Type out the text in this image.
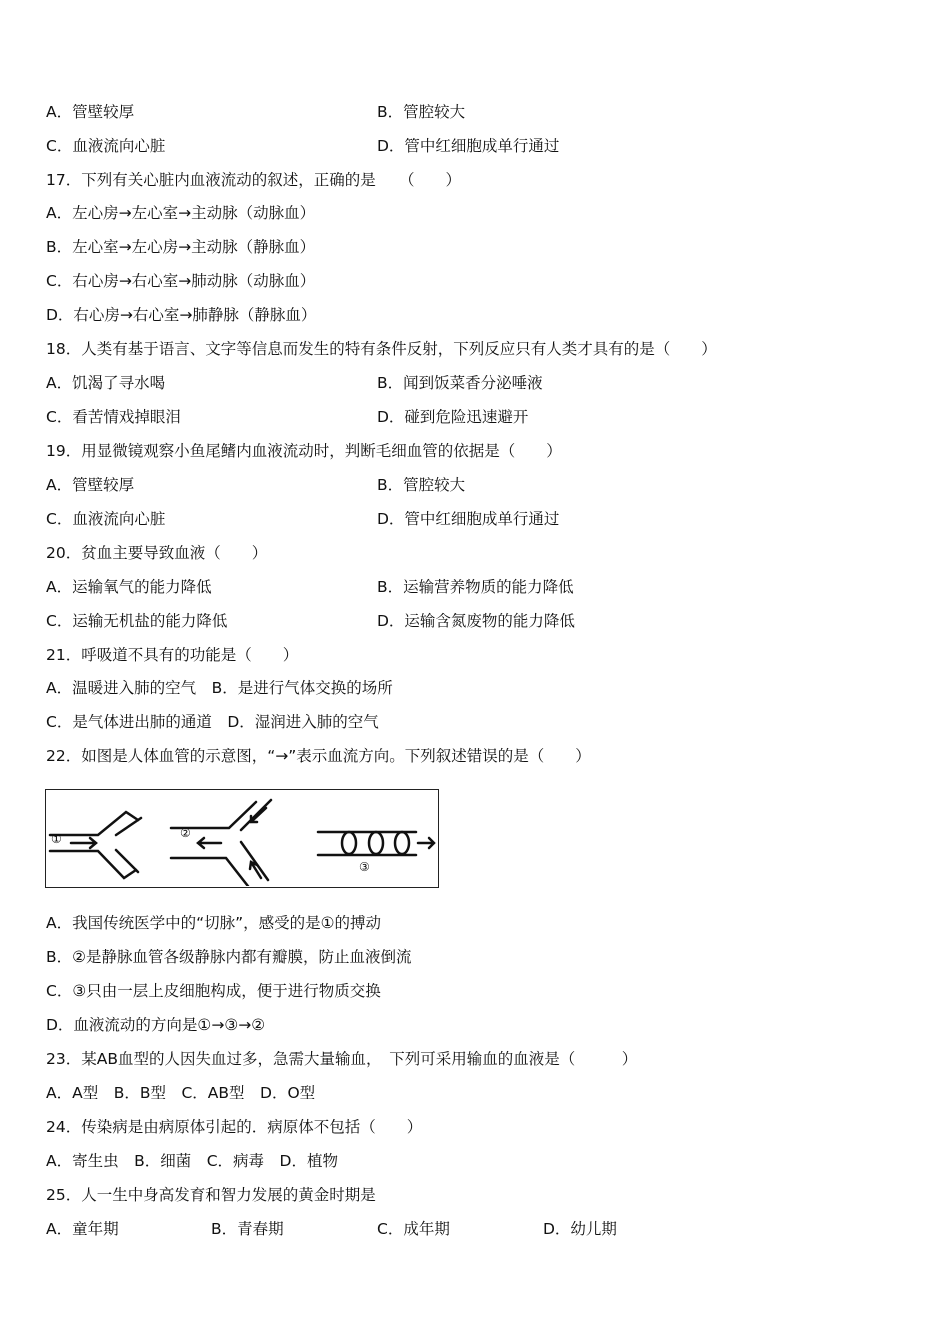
A．管壁较厚	B．管腔较大
C．血液流向心脏	D．管中红细胞成单行通过
17．下列有关心脏内血液流动的叙述，正确的是　　（　　）
A．左心房→左心室→主动脉（动脉血）
B．左心室→左心房→主动脉（静脉血）
C．右心房→右心室→肺动脉（动脉血）
D．右心房→右心室→肺静脉（静脉血）
18．人类有基于语言、文字等信息而发生的特有条件反射，下列反应只有人类才具有的是（　　）
A．饥渴了寻水喝	B．闻到饭菜香分泌唾液
C．看苦情戏掉眼泪	D．碰到危险迅速避开
19．用显微镜观察小鱼尾鳍内血液流动时，判断毛细血管的依据是（　　）
A．管壁较厚	B．管腔较大
C．血液流向心脏	D．管中红细胞成单行通过
20．贫血主要导致血液（　　）
A．运输氧气的能力降低	B．运输营养物质的能力降低
C．运输无机盐的能力降低	D．运输含氮废物的能力降低
21．呼吸道不具有的功能是（　　）
A．温暖进入肺的空气　B．是进行气体交换的场所
C．是气体进出肺的通道　D．湿润进入肺的空气
22．如图是人体血管的示意图，“→”表示血流方向。下列叙述错误的是（　　）
①	②
③
A．我国传统医学中的“切脉”，感受的是①的搏动
B．②是静脉血管各级静脉内都有瓣膜，防止血液倒流
C．③只由一层上皮细胞构成，便于进行物质交换
D．血液流动的方向是①→③→②
23．某AB血型的人因失血过多，急需大量输血，　下列可采用输血的血液是（　　　）
A．A型　B．B型　C．AB型　D．O型
24．传染病是由病原体引起的．病原体不包括（　　）
A．寄生虫　B．细菌　C．病毒　D．植物
25．人一生中身高发育和智力发展的黄金时期是
A．童年期	B．青春期	C．成年期	D．幼儿期
